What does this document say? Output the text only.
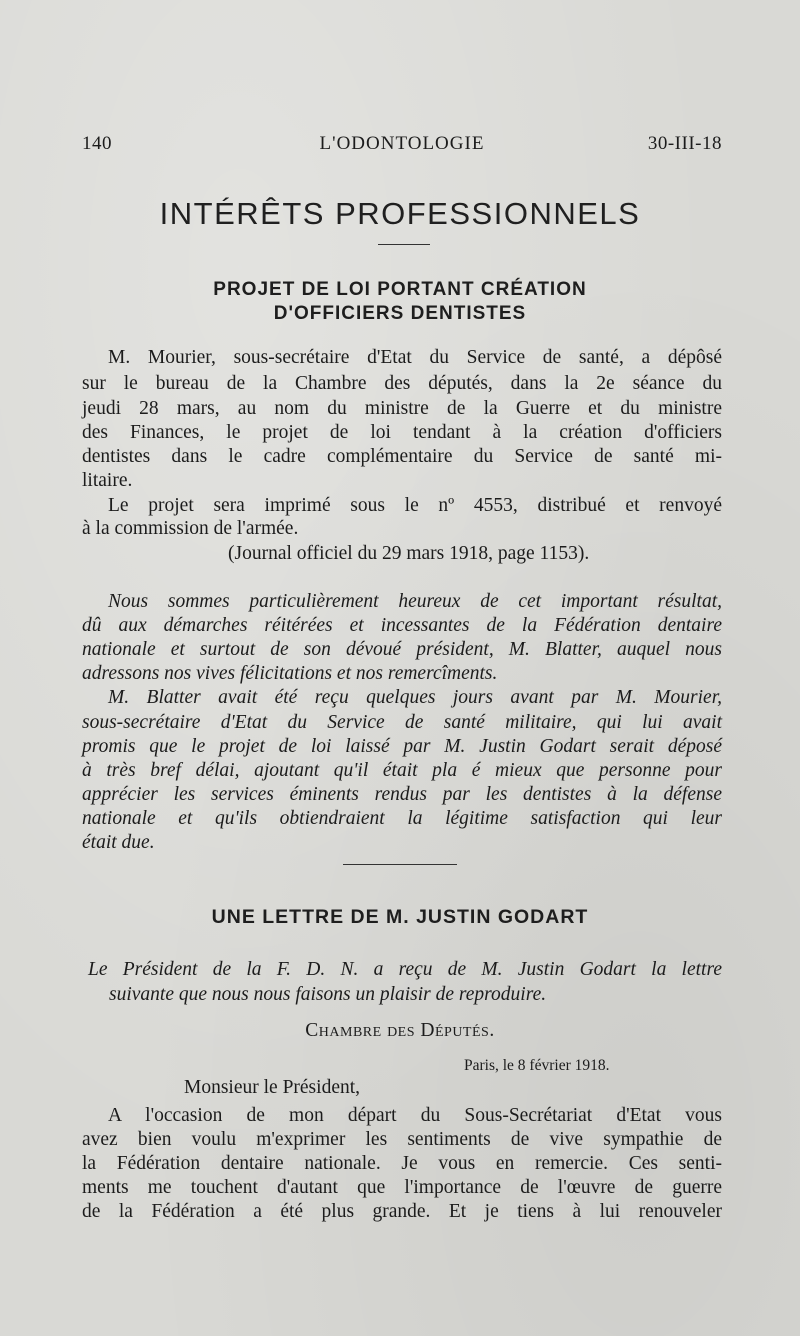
140	L'ODONTOLOGIE	30-III-18
INTÉRÊTS PROFESSIONNELS
PROJET DE LOI PORTANT CRÉATION
D'OFFICIERS DENTISTES
M. Mourier, sous-secrétaire d'Etat du Service de santé, a dépôsé
sur le bureau de la Chambre des députés, dans la 2e séance du
jeudi 28 mars, au nom du ministre de la Guerre et du ministre
des Finances, le projet de loi tendant à la création d'officiers
dentistes dans le cadre complémentaire du Service de santé mi-
litaire.
Le projet sera imprimé sous le nº 4553, distribué et renvoyé
à la commission de l'armée.
(Journal officiel du 29 mars 1918, page 1153).
Nous sommes particulièrement heureux de cet important résultat,
dû aux démarches réitérées et incessantes de la Fédération dentaire
nationale et surtout de son dévoué président, M. Blatter, auquel nous
adressons nos vives félicitations et nos remercîments.
M. Blatter avait été reçu quelques jours avant par M. Mourier,
sous-secrétaire d'Etat du Service de santé militaire, qui lui avait
promis que le projet de loi laissé par M. Justin Godart serait déposé
à très bref délai, ajoutant qu'il était pla é mieux que personne pour
apprécier les services éminents rendus par les dentistes à la défense
nationale et qu'ils obtiendraient la légitime satisfaction qui leur
était due.
UNE LETTRE DE M. JUSTIN GODART
Le Président de la F. D. N. a reçu de M. Justin Godart la lettre
suivante que nous nous faisons un plaisir de reproduire.
Chambre des Députés.
Paris, le 8 février 1918.
Monsieur le Président,
A l'occasion de mon départ du Sous-Secrétariat d'Etat vous
avez bien voulu m'exprimer les sentiments de vive sympathie de
la Fédération dentaire nationale. Je vous en remercie. Ces senti-
ments me touchent d'autant que l'importance de l'œuvre de guerre
de la Fédération a été plus grande. Et je tiens à lui renouveler
